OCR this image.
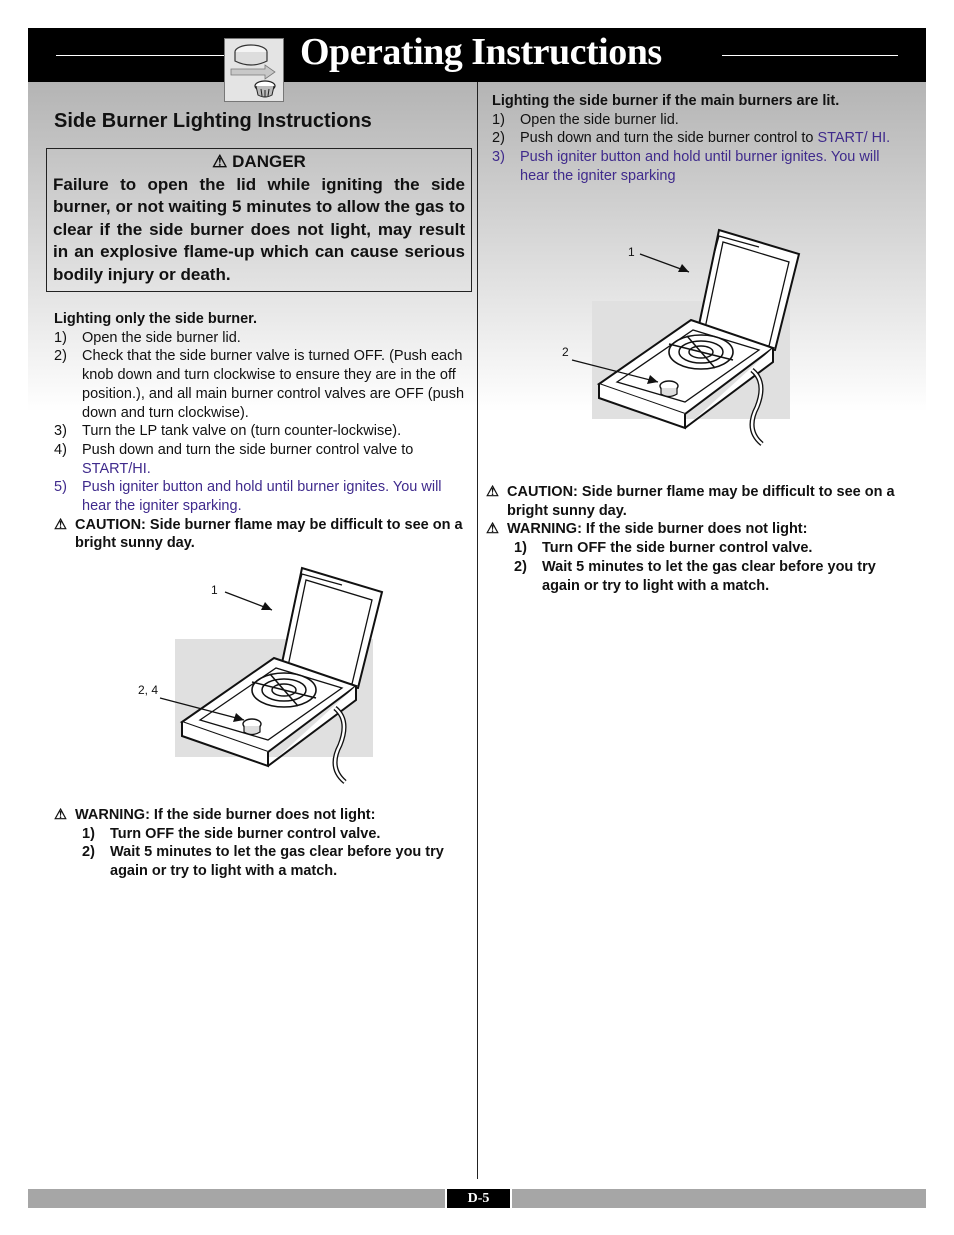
Operating Instructions
Side Burner Lighting Instructions
⚠ DANGER
Failure to open the lid while igniting the side burner, or not waiting 5 minutes to allow the gas to clear if the side burner does not light, may result in an explosive flame-up which can cause serious bodily injury or death.
Lighting only the side burner.
1) Open the side burner lid.
2) Check that the side burner valve is turned OFF. (Push each knob down and turn clockwise to ensure they are in the off position.), and all main burner control valves are OFF (push down and turn clockwise).
3) Turn the LP tank valve on (turn counter-lockwise).
4) Push down and turn the side burner control valve to START/HI.
5) Push igniter button and hold until burner ignites. You will hear the igniter sparking.
⚠ CAUTION: Side burner flame may be difficult to see on a bright sunny day.
1
2, 4
⚠ WARNING: If the side burner does not light:
1) Turn OFF the side burner control valve.
2) Wait 5 minutes to let the gas clear before you try again or try to light with a match.
Lighting the side burner if the main burners are lit.
1) Open the side burner lid.
2) Push down and turn the side burner control to START/ HI.
3) Push igniter button and hold until burner ignites. You will hear the igniter sparking
1
2
⚠ CAUTION: Side burner flame may be difficult to see on a bright sunny day.
⚠ WARNING: If the side burner does not light:
1) Turn OFF the side burner control valve.
2) Wait 5 minutes to let the gas clear before you try again or try to light with a match.
D-5
